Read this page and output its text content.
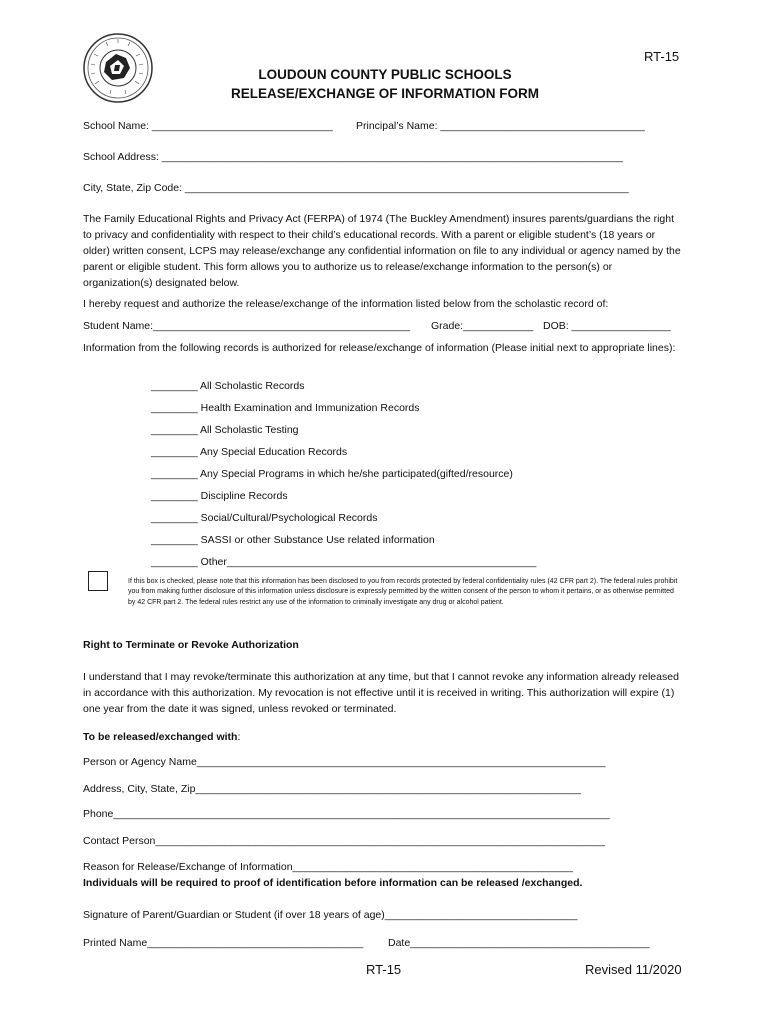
RT-15
LOUDOUN COUNTY PUBLIC SCHOOLS
RELEASE/EXCHANGE OF INFORMATION FORM
School Name: _______________________________ Principal’s Name: ___________________________________
School Address: _______________________________________________________________________________
City, State, Zip Code: ____________________________________________________________________________
The Family Educational Rights and Privacy Act (FERPA) of 1974 (The Buckley Amendment) insures parents/guardians the right to privacy and confidentiality with respect to their child’s educational records. With a parent or eligible student’s (18 years or older) written consent, LCPS may release/exchange any confidential information on file to any individual or agency named by the parent or eligible student. This form allows you to authorize us to release/exchange information to the person(s) or organization(s) designated below.
I hereby request and authorize the release/exchange of the information listed below from the scholastic record of:
Student Name:____________________________________________ Grade:____________ DOB: _________________
Information from the following records is authorized for release/exchange of information (Please initial next to appropriate lines):
________ All Scholastic Records
________ Health Examination and Immunization Records
________ All Scholastic Testing
________ Any Special Education Records
________ Any Special Programs in which he/she participated(gifted/resource)
________ Discipline Records
________ Social/Cultural/Psychological Records
________ SASSI or other Substance Use related information
________ Other_____________________________________________________
If this box is checked, please note that this information has been disclosed to you from records protected by federal confidentiality rules (42 CFR part 2). The federal rules prohibit you from making further disclosure of this information unless disclosure is expressly permitted by the written consent of the person to whom it pertains, or as otherwise permitted by 42 CFR part 2. The federal rules restrict any use of the information to criminally investigate any drug or alcohol patient.
Right to Terminate or Revoke Authorization
I understand that I may revoke/terminate this authorization at any time, but that I cannot revoke any information already released in accordance with this authorization. My revocation is not effective until it is received in writing. This authorization will expire (1) one year from the date it was signed, unless revoked or terminated.
To be released/exchanged with:
Person or Agency Name______________________________________________________________________
Address, City, State, Zip__________________________________________________________________
Phone_____________________________________________________________________________________
Contact Person_____________________________________________________________________________
Reason for Release/Exchange of Information________________________________________________
Individuals will be required to proof of identification before information can be released /exchanged.
Signature of Parent/Guardian or Student (if over 18 years of age)_________________________________
Printed Name_____________________________________ Date_________________________________________
RT-15	Revised 11/2020
